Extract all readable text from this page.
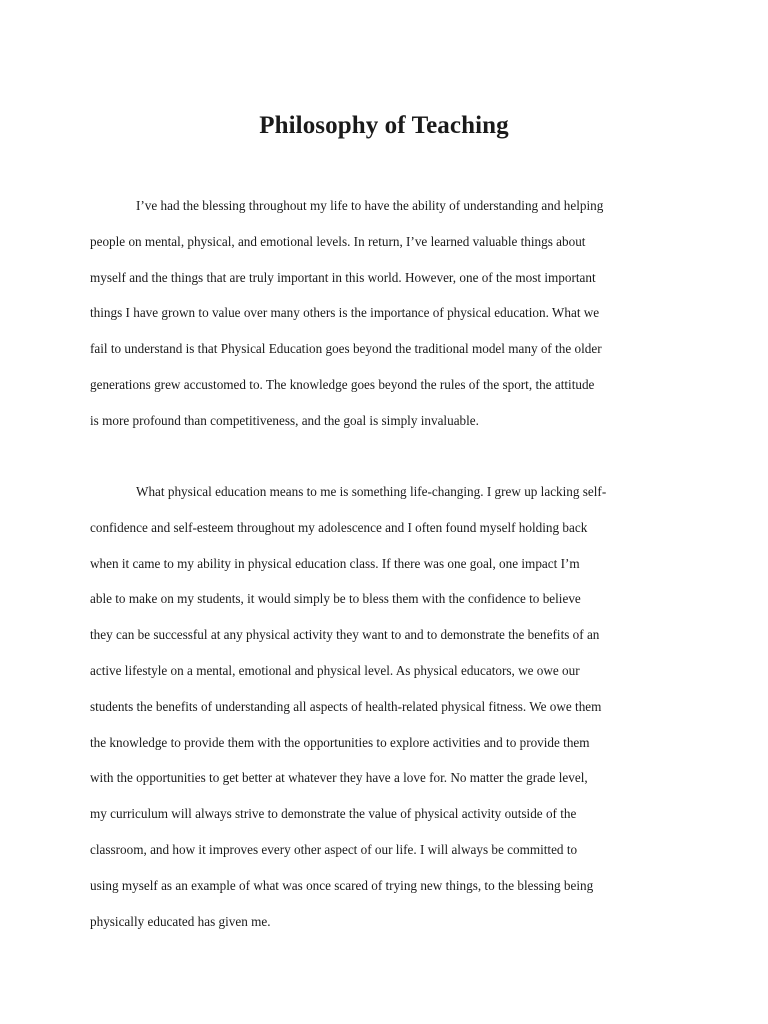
Philosophy of Teaching

I’ve had the blessing throughout my life to have the ability of understanding and helping
people on mental, physical, and emotional levels. In return, I’ve learned valuable things about
myself and the things that are truly important in this world. However, one of the most important
things I have grown to value over many others is the importance of physical education. What we
fail to understand is that Physical Education goes beyond the traditional model many of the older
generations grew accustomed to. The knowledge goes beyond the rules of the sport, the attitude
is more profound than competitiveness, and the goal is simply invaluable.

What physical education means to me is something life-changing. I grew up lacking self-
confidence and self-esteem throughout my adolescence and I often found myself holding back
when it came to my ability in physical education class. If there was one goal, one impact I’m
able to make on my students, it would simply be to bless them with the confidence to believe
they can be successful at any physical activity they want to and to demonstrate the benefits of an
active lifestyle on a mental, emotional and physical level. As physical educators, we owe our
students the benefits of understanding all aspects of health-related physical fitness. We owe them
the knowledge to provide them with the opportunities to explore activities and to provide them
with the opportunities to get better at whatever they have a love for. No matter the grade level,
my curriculum will always strive to demonstrate the value of physical activity outside of the
classroom, and how it improves every other aspect of our life. I will always be committed to
using myself as an example of what was once scared of trying new things, to the blessing being
physically educated has given me.
